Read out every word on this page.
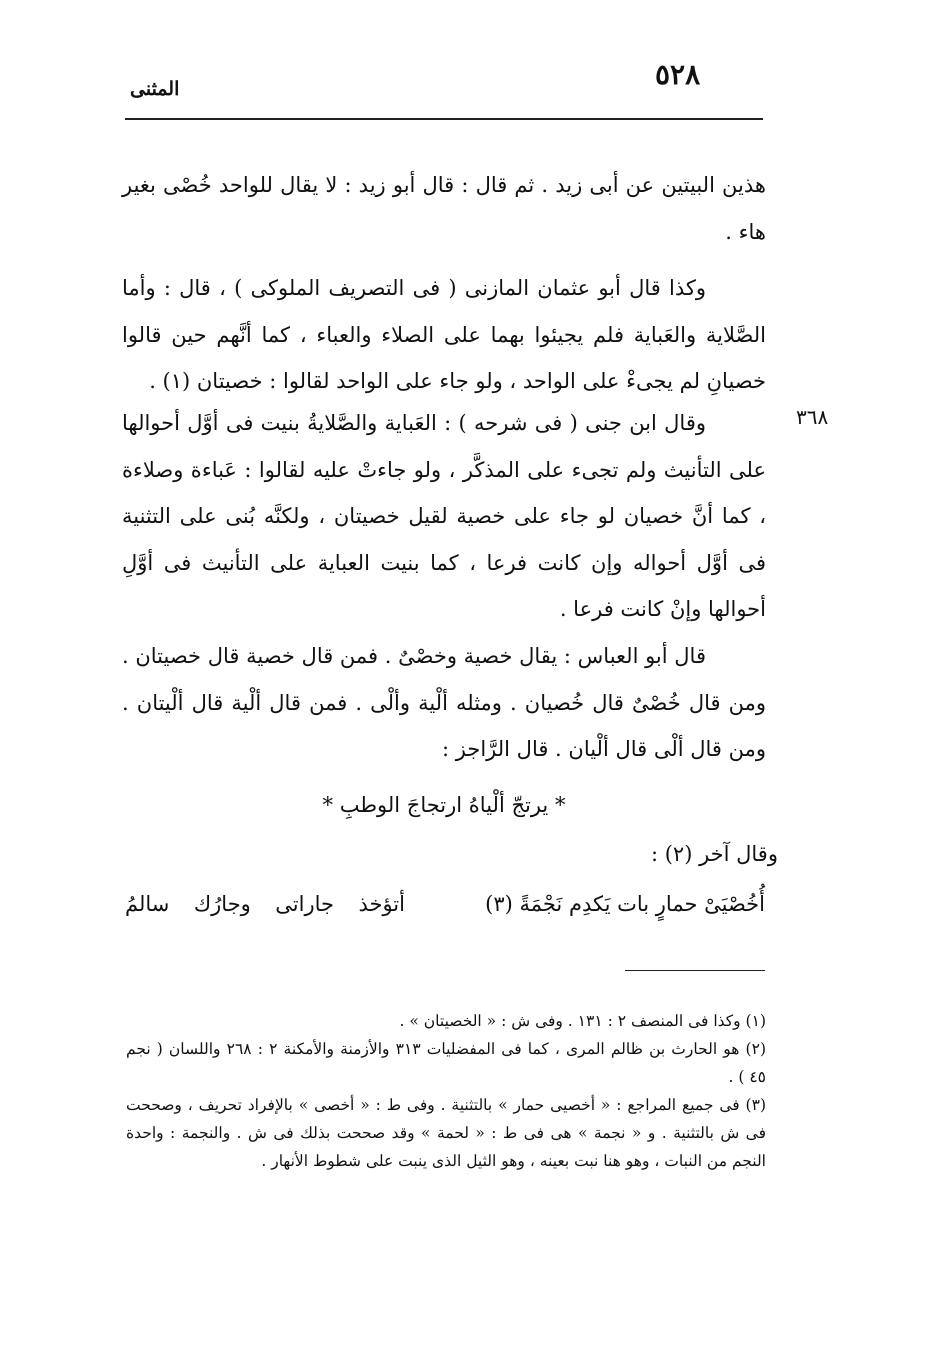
٥٢٨
المثنى
٣٦٨

هذين البيتين عن أبى زيد . ثم قال : قال أبو زيد : لا يقال للواحد خُصْى بغير هاء .

وكذا قال أبو عثمان المازنى ( فى التصريف الملوكى ) ، قال : وأما الصَّلاية والعَباية فلم يجيئوا بهما على الصلاء والعباء ، كما أنَّهم حين قالوا خصيانِ لم يجىءْ على الواحد ، ولو جاء على الواحد لقالوا : خصيتان (١) .

وقال ابن جنى ( فى شرحه ) : العَباية والصَّلايةُ بنيت فى أوَّل أحوالها على التأنيث ولم تجىء على المذكَّر ، ولو جاءتْ عليه لقالوا : عَباءة وصلاءة ، كما أنَّ خصيان لو جاء على خصية لقيل خصيتان ، ولكنَّه بُنى على التثنية فى أوَّل أحواله وإن كانت فرعا ، كما بنيت العباية على التأنيث فى أوَّلِ أحوالها وإنْ كانت فرعا .

قال أبو العباس : يقال خصية وخصْىٌ . فمن قال خصية قال خصيتان . ومن قال خُصْىٌ قال خُصيان . ومثله ألْية وألْى . فمن قال ألْية قال ألْيتان . ومن قال ألْى قال ألْيان . قال الرَّاجز :

* يرتجّ ألْياهُ ارتجاجَ الوطبِ *

وقال آخر (٢) :

أُخُصْيَىْ حمارٍ بات يَكدِم نَجْمَةً (٣)
أتؤخذ
جاراتى
وجارُك
سالمُ

(١) وكذا فى المنصف ٢ : ١٣١ . وفى ش : « الخصيتان » .

(٢) هو الحارث بن ظالم المرى ، كما فى المفضليات ٣١٣ والأزمنة والأمكنة ٢ : ٢٦٨ واللسان ( نجم ٤٥ ) .

(٣) فى جميع المراجع : « أخصيى حمار » بالتثنية . وفى ط : « أخصى » بالإفراد تحريف ، وصححت فى ش بالتثنية . و « نجمة » هى فى ط : « لحمة » وقد صححت بذلك فى ش . والنجمة : واحدة النجم من النبات ، وهو هنا نبت بعينه ، وهو الثيل الذى ينبت على شطوط الأنهار .
